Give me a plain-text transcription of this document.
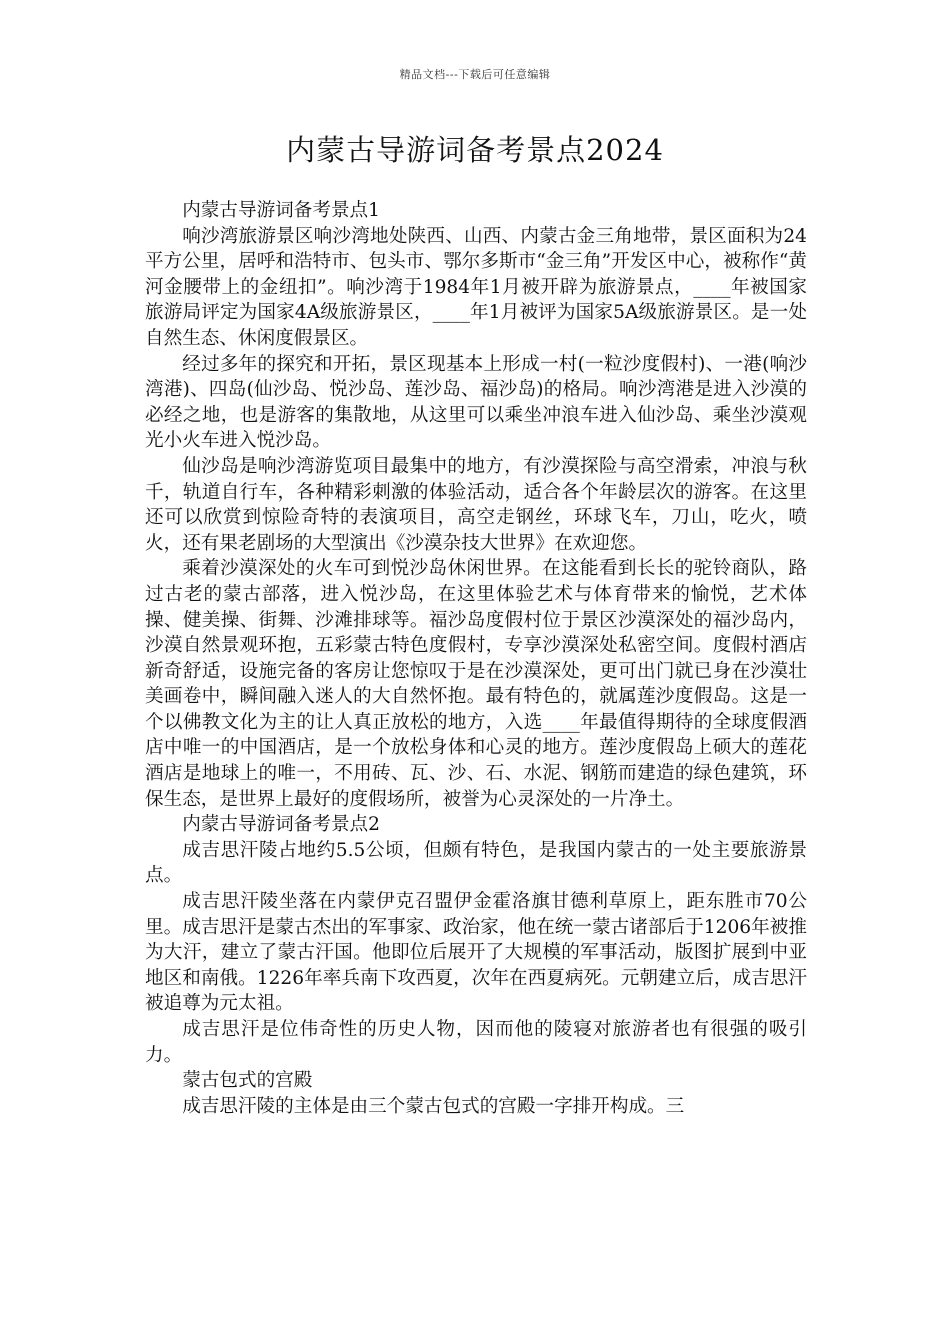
精品文档---下载后可任意编辑
内蒙古导游词备考景点2024

内蒙古导游词备考景点1

响沙湾旅游景区响沙湾地处陕西、山西、内蒙古金三角地带，景区面积为24平方公里，居呼和浩特市、包头市、鄂尔多斯市“金三角”开发区中心，被称作“黄河金腰带上的金纽扣”。响沙湾于1984年1月被开辟为旅游景点，____年被国家旅游局评定为国家4A级旅游景区，____年1月被评为国家5A级旅游景区。是一处自然生态、休闲度假景区。

经过多年的探究和开拓，景区现基本上形成一村(一粒沙度假村)、一港(响沙湾港)、四岛(仙沙岛、悦沙岛、莲沙岛、福沙岛)的格局。响沙湾港是进入沙漠的必经之地，也是游客的集散地，从这里可以乘坐冲浪车进入仙沙岛、乘坐沙漠观光小火车进入悦沙岛。

仙沙岛是响沙湾游览项目最集中的地方，有沙漠探险与高空滑索，冲浪与秋千，轨道自行车，各种精彩刺激的体验活动，适合各个年龄层次的游客。在这里还可以欣赏到惊险奇特的表演项目，高空走钢丝，环球飞车，刀山，吃火，喷火，还有果老剧场的大型演出《沙漠杂技大世界》在欢迎您。

乘着沙漠深处的火车可到悦沙岛休闲世界。在这能看到长长的驼铃商队，路过古老的蒙古部落，进入悦沙岛，在这里体验艺术与体育带来的愉悦，艺术体操、健美操、街舞、沙滩排球等。福沙岛度假村位于景区沙漠深处的福沙岛内，沙漠自然景观环抱，五彩蒙古特色度假村，专享沙漠深处私密空间。度假村酒店新奇舒适，设施完备的客房让您惊叹于是在沙漠深处，更可出门就已身在沙漠壮美画卷中，瞬间融入迷人的大自然怀抱。最有特色的，就属莲沙度假岛。这是一个以佛教文化为主的让人真正放松的地方，入选____年最值得期待的全球度假酒店中唯一的中国酒店，是一个放松身体和心灵的地方。莲沙度假岛上硕大的莲花酒店是地球上的唯一，不用砖、瓦、沙、石、水泥、钢筋而建造的绿色建筑，环保生态，是世界上最好的度假场所，被誉为心灵深处的一片净土。

内蒙古导游词备考景点2

成吉思汗陵占地约5.5公顷，但颇有特色，是我国内蒙古的一处主要旅游景点。

成吉思汗陵坐落在内蒙伊克召盟伊金霍洛旗甘德利草原上，距东胜市70公里。成吉思汗是蒙古杰出的军事家、政治家，他在统一蒙古诸部后于1206年被推为大汗，建立了蒙古汗国。他即位后展开了大规模的军事活动，版图扩展到中亚地区和南俄。1226年率兵南下攻西夏，次年在西夏病死。元朝建立后，成吉思汗被追尊为元太祖。

成吉思汗是位伟奇性的历史人物，因而他的陵寝对旅游者也有很强的吸引力。

蒙古包式的宫殿

成吉思汗陵的主体是由三个蒙古包式的宫殿一字排开构成。三
